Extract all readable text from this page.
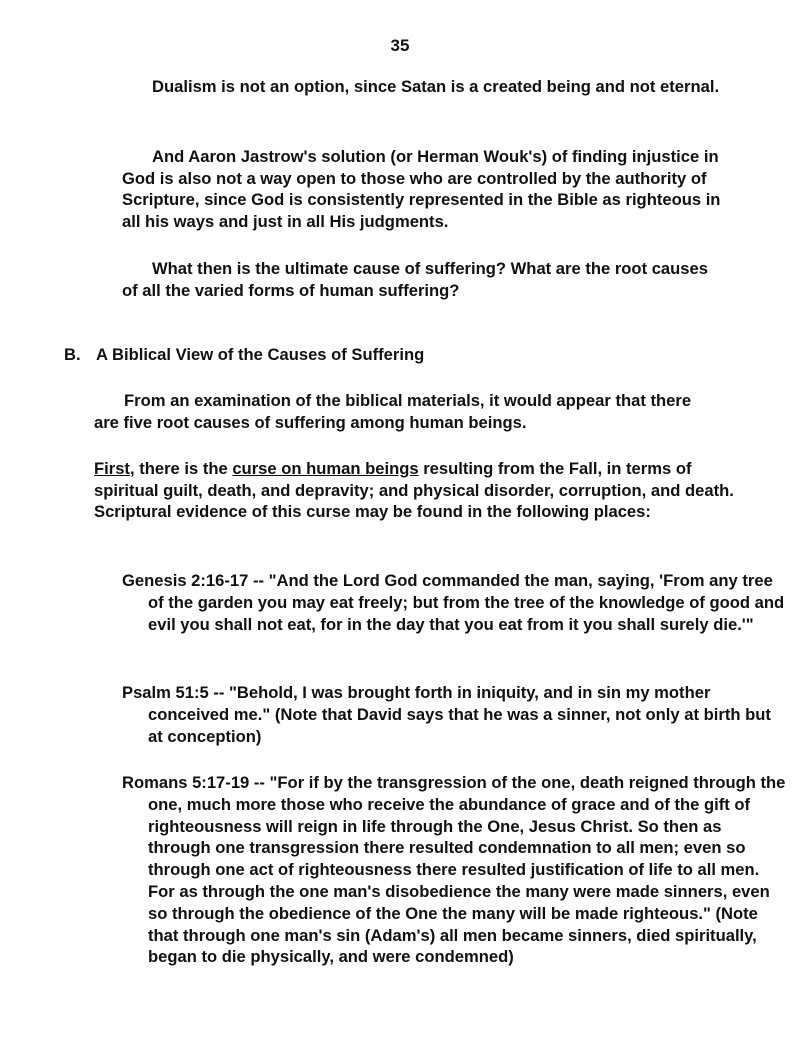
35

Dualism is not an option, since Satan is a created being and not eternal.

And Aaron Jastrow's solution (or Herman Wouk's) of finding injustice in God is also not a way open to those who are controlled by the authority of Scripture, since God is consistently represented in the Bible as righteous in all his ways and just in all His judgments.

What then is the ultimate cause of suffering? What are the root causes of all the varied forms of human suffering?

B. A Biblical View of the Causes of Suffering

From an examination of the biblical materials, it would appear that there are five root causes of suffering among human beings.

First, there is the curse on human beings resulting from the Fall, in terms of spiritual guilt, death, and depravity; and physical disorder, corruption, and death. Scriptural evidence of this curse may be found in the following places:

Genesis 2:16-17 -- "And the Lord God commanded the man, saying, 'From any tree of the garden you may eat freely; but from the tree of the knowledge of good and evil you shall not eat, for in the day that you eat from it you shall surely die.'"

Psalm 51:5 -- "Behold, I was brought forth in iniquity, and in sin my mother conceived me." (Note that David says that he was a sinner, not only at birth but at conception)

Romans 5:17-19 -- "For if by the transgression of the one, death reigned through the one, much more those who receive the abundance of grace and of the gift of righteousness will reign in life through the One, Jesus Christ. So then as through one transgression there resulted condemnation to all men; even so through one act of righteousness there resulted justification of life to all men. For as through the one man's disobedience the many were made sinners, even so through the obedience of the One the many will be made righteous." (Note that through one man's sin (Adam's) all men became sinners, died spiritually, began to die physically, and were condemned)
